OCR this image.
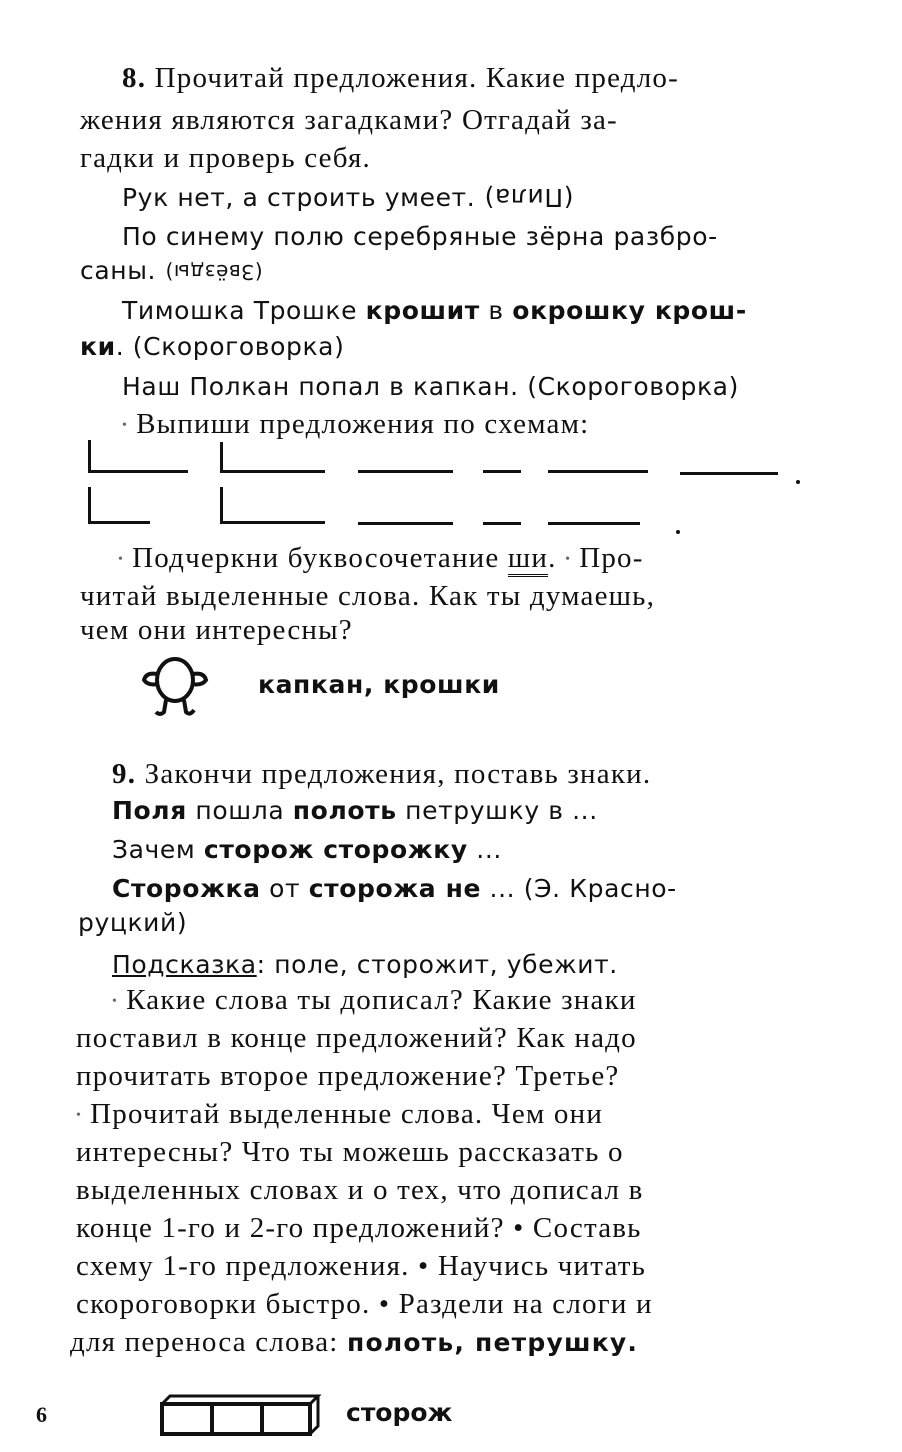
8. Прочитай предложения. Какие предло-
жения являются загадками? Отгадай за-
гадки и проверь себя.
Рук нет, а строить умеет. (Пила)
По синему полю серебряные зёрна разбро-
саны. (Звёзды)
Тимошка Трошке крошит в окрошку крош-
ки. (Скороговорка)
Наш Полкан попал в капкан. (Скороговорка)
• Выпиши предложения по схемам:
• Подчеркни буквосочетание ши. • Про-
читай выделенные слова. Как ты думаешь,
чем они интересны?
капкан, крошки
9. Закончи предложения, поставь знаки.
Поля пошла полоть петрушку в ...
Зачем сторож сторожку ...
Сторожка от сторожа не ... (Э. Красно-
руцкий)
Подсказка: поле, сторожит, убежит.
• Какие слова ты дописал? Какие знаки
поставил в конце предложений? Как надо
прочитать второе предложение? Третье?
• Прочитай выделенные слова. Чем они
интересны? Что ты можешь рассказать о
выделенных словах и о тех, что дописал в
конце 1-го и 2-го предложений? • Составь
схему 1-го предложения. • Научись читать
скороговорки быстро. • Раздели на слоги и
для переноса слова: полоть, петрушку.
6	сторож
